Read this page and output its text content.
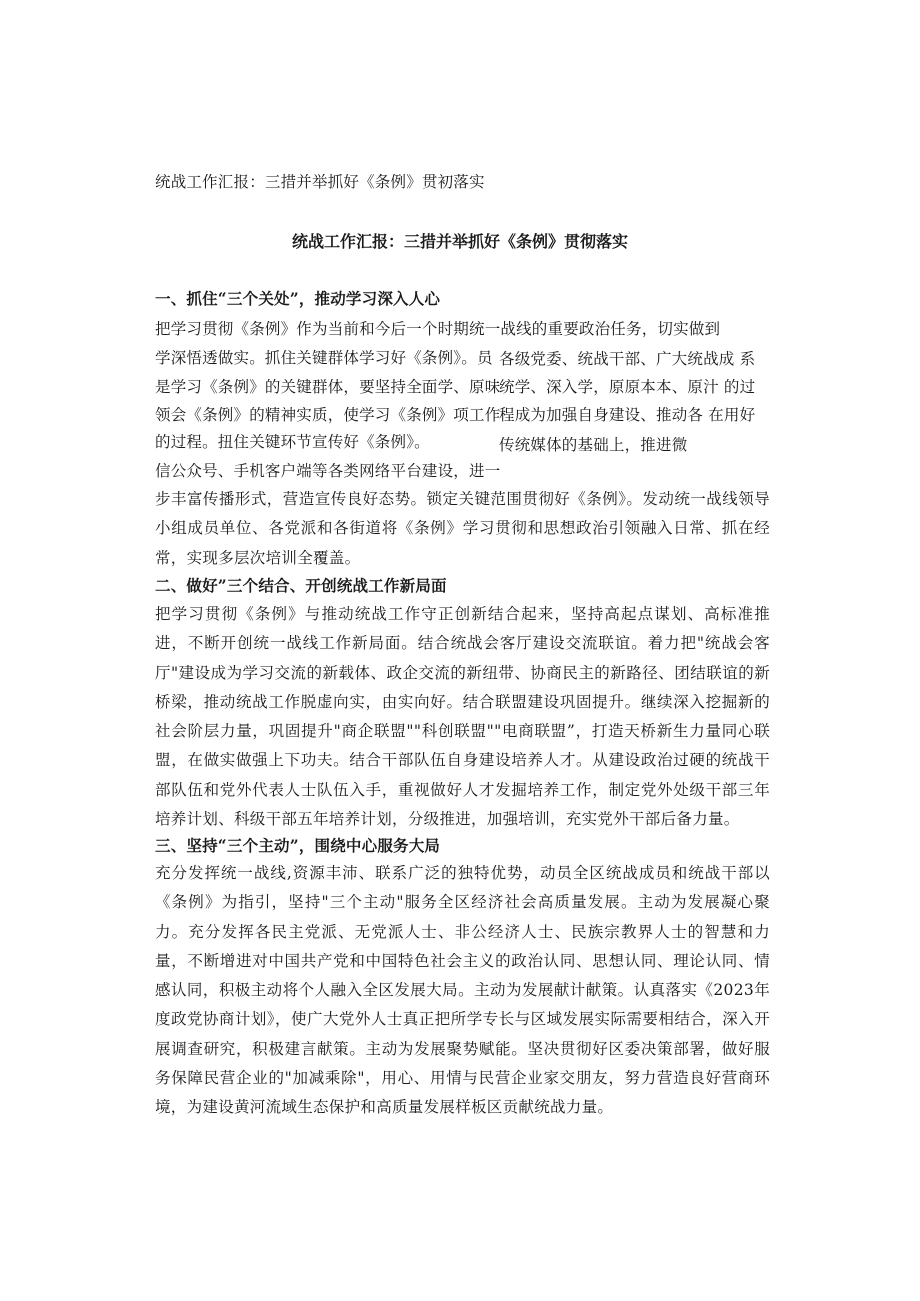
统战工作汇报：三措并举抓好《条例》贯初落实
统战工作汇报：三措并举抓好《条例》贯彻落实
一、抓住“三个关处”，推动学习深入人心
把学习贯彻《条例》作为当前和今后一个时期统一战线的重要政治任务，切实做到
学深悟透做实。抓住关键群体学习好《条例》。员
是学习《条例》的关键群体，要坚持全面学、原味
领会《条例》的精神实质，使学习《条例》项工作
的过程。扭住关键环节宣传好《条例》。
信公众号、手机客户端等各类网络平台建设，进一
各级党委、统战干部、广大统战成 系
统学、深入学，原原本本、原汁 的过
程成为加强自身建设、推动各 在用好
传统媒体的基础上，推进微
步丰富传播形式，营造宣传良好态势。锁定关键范围贯彻好《条例》。发动统一战线领导小组成员单位、各党派和各街道将《条例》学习贯彻和思想政治引领融入日常、抓在经常，实现多层次培训全覆盖。
二、做好”三个结合、开创统战工作新局面
把学习贯彻《条例》与推动统战工作守正创新结合起来，坚持高起点谋划、高标准推进，不断开创统一战线工作新局面。结合统战会客厅建设交流联谊。着力把"统战会客厅"建设成为学习交流的新载体、政企交流的新纽带、协商民主的新路径、团结联谊的新桥梁，推动统战工作脱虚向实，由实向好。结合联盟建设巩固提升。继续深入挖掘新的社会阶层力量，巩固提升"商企联盟""科创联盟""电商联盟”，打造天桥新生力量同心联盟，在做实做强上下功夫。结合干部队伍自身建设培养人才。从建设政治过硬的统战干部队伍和党外代表人士队伍入手，重视做好人才发掘培养工作，制定党外处级干部三年培养计划、科级干部五年培养计划，分级推进，加强培训，充实党外干部后备力量。
三、坚持“三个主动”，围绕中心服务大局
充分发挥统一战线,资源丰沛、联系广泛的独特优势，动员全区统战成员和统战干部以《条例》为指引，坚持"三个主动"服务全区经济社会高质量发展。主动为发展凝心聚力。充分发挥各民主党派、无党派人士、非公经济人士、民族宗教界人士的智慧和力量，不断增进对中国共产党和中国特色社会主义的政治认同、思想认同、理论认同、情感认同，积极主动将个人融入全区发展大局。主动为发展献计献策。认真落实《2023年度政党协商计划》，使广大党外人士真正把所学专长与区域发展实际需要相结合，深入开展调查研究，积极建言献策。主动为发展聚势赋能。坚决贯彻好区委决策部署，做好服务保障民营企业的"加减乘除"，用心、用情与民营企业家交朋友，努力营造良好营商环境，为建设黄河流域生态保护和高质量发展样板区贡献统战力量。
